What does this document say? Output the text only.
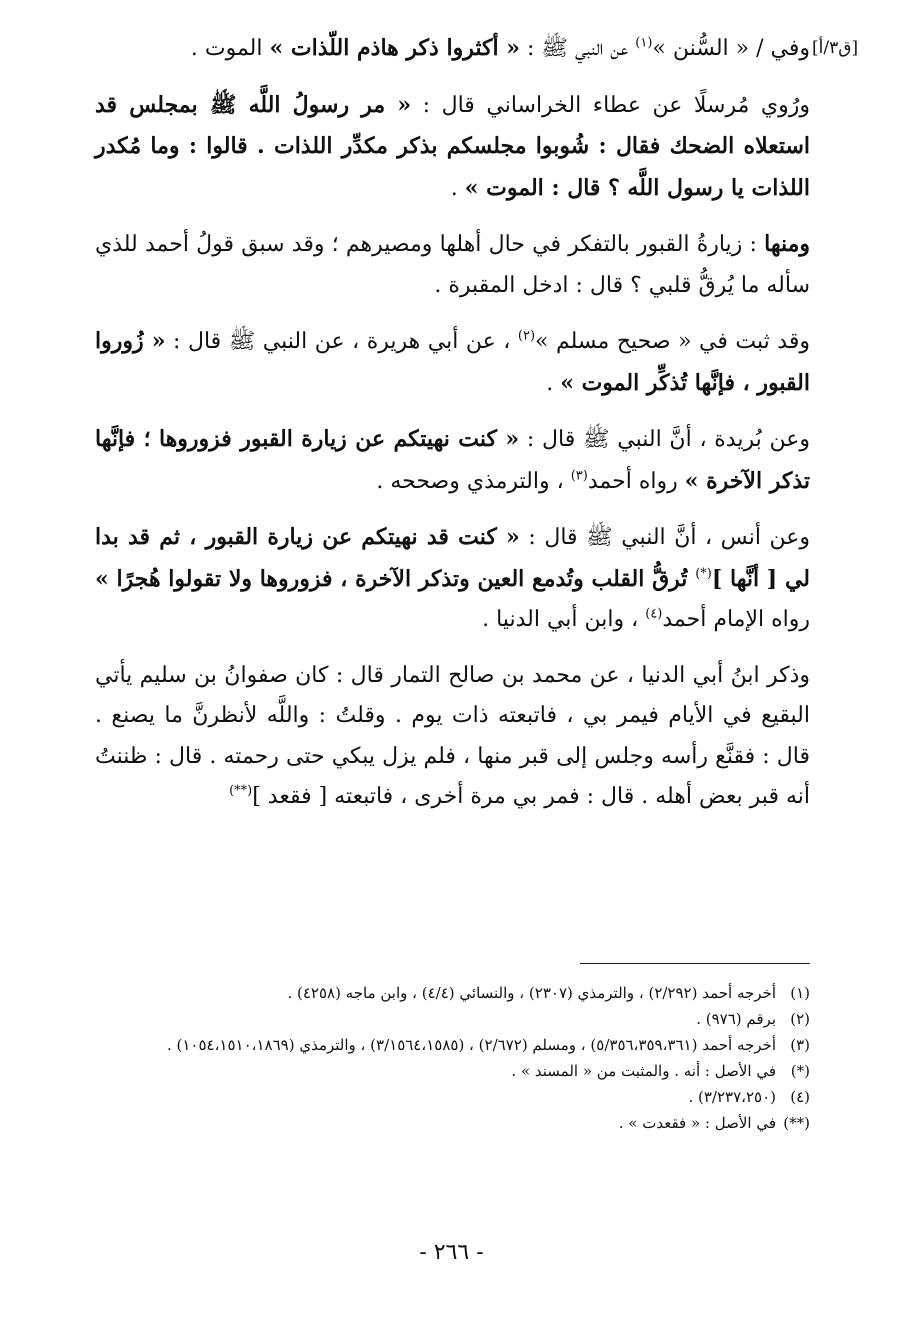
[ق٣/أ]

وفي / « السُّنن »$^{(١)}$ عن النبي ﷺ : « أكثروا ذكر هاذم اللّذات » الموت .

ورُوي مُرسلًا عن عطاء الخراساني قال : « مر رسولُ اللَّه ﷺ بمجلس قد استعلاه الضحك فقال : شُوبوا مجلسكم بذكر مكدِّر اللذات . قالوا : وما مُكدر اللذات يا رسول اللَّه ؟ قال : الموت » .

ومنها : زيارةُ القبور بالتفكر في حال أهلها ومصيرهم ؛ وقد سبق قولُ أحمد للذي سأله ما يُرقُّ قلبي ؟ قال : ادخل المقبرة .

وقد ثبت في « صحيح مسلم »$^{(٢)}$ ، عن أبي هريرة ، عن النبي ﷺ قال : « زُوروا القبور ، فإنَّها تُذكِّر الموت » .

وعن بُريدة ، أنَّ النبي ﷺ قال : « كنت نهيتكم عن زيارة القبور فزوروها ؛ فإنَّها تذكر الآخرة » رواه أحمد$^{(٣)}$ ، والترمذي وصححه .

وعن أنس ، أنَّ النبي ﷺ قال : « كنت قد نهيتكم عن زيارة القبور ، ثم قد بدا لي [ أنَّها ](*) تُرقُّ القلب وتُدمع العين وتذكر الآخرة ، فزوروها ولا تقولوا هُجرًا » رواه الإمام أحمد$^{(٤)}$ ، وابن أبي الدنيا .

وذكر ابنُ أبي الدنيا ، عن محمد بن صالح التمار قال : كان صفوانُ بن سليم يأتي البقيع في الأيام فيمر بي ، فاتبعته ذات يوم . وقلتُ : واللَّه لأنظرنَّ ما يصنع . قال : فقنَّع رأسه وجلس إلى قبر منها ، فلم يزل يبكي حتى رحمته . قال : ظننتُ أنه قبر بعض أهله . قال : فمر بي مرة أخرى ، فاتبعته [ فقعد ](**)

(١)أخرجه أحمد (٢/٢٩٢) ، والترمذي (٢٣٠٧) ، والنسائي (٤/٤) ، وابن ماجه (٤٢٥٨) .

(٢)برقم (٩٧٦) .

(٣)أخرجه أحمد (٥/٣٥٦،٣٥٩،٣٦١) ، ومسلم (٢/٦٧٢) ، (٣/١٥٦٤،١٥٨٥) ، والترمذي (١٠٥٤،١٥١٠،١٨٦٩) .

(*)في الأصل : أنه . والمثبت من « المسند » .

(٤)(٣/٢٣٧،٢٥٠) .

(**)في الأصل : « فقعدت » .

- ٢٦٦ -
